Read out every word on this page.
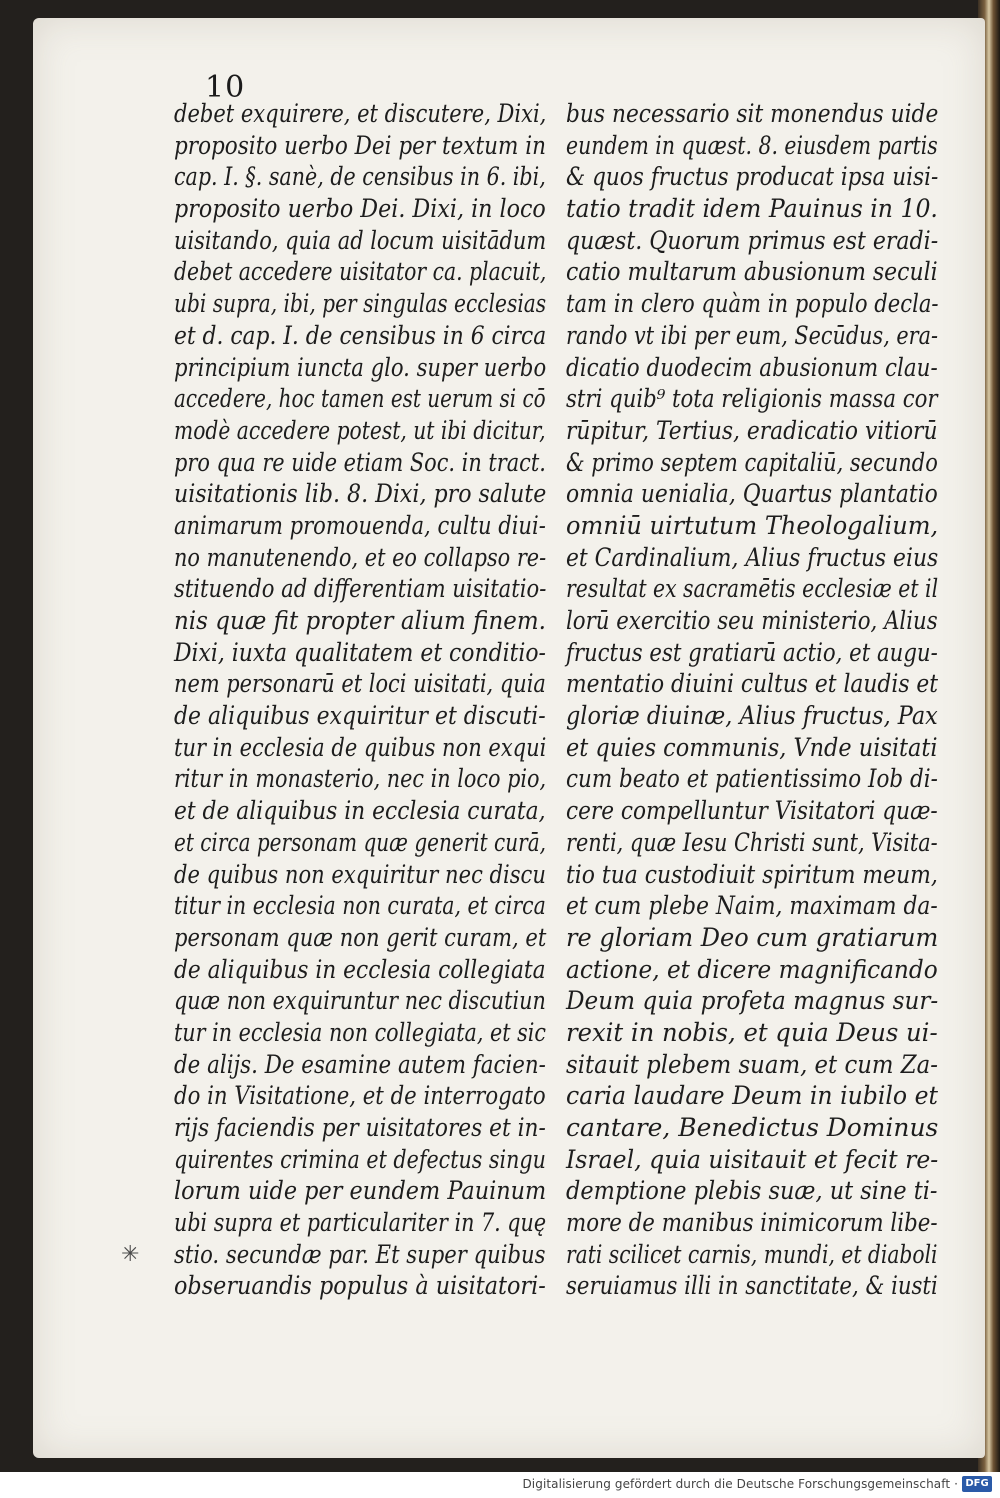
10
debet exquirere, et discutere, Dixi,
proposito uerbo Dei per textum in
cap. I. §. sanè, de censibus in 6. ibi,
proposito uerbo Dei. Dixi, in loco
uisitando, quia ad locum uisitādum
debet accedere uisitator ca. placuit,
ubi supra, ibi, per singulas ecclesias
et d. cap. I. de censibus in 6 circa
principium iuncta glo. super uerbo
accedere, hoc tamen est uerum si cō
modè accedere potest, ut ibi dicitur,
pro qua re uide etiam Soc. in tract.
uisitationis lib. 8. Dixi, pro salute
animarum promouenda, cultu diui-
no manutenendo, et eo collapso re-
stituendo ad differentiam uisitatio-
nis quæ fit propter alium finem.
Dixi, iuxta qualitatem et conditio-
nem personarū et loci uisitati, quia
de aliquibus exquiritur et discuti-
tur in ecclesia de quibus non exqui
ritur in monasterio, nec in loco pio,
et de aliquibus in ecclesia curata,
et circa personam quæ generit curā,
de quibus non exquiritur nec discu
titur in ecclesia non curata, et circa
personam quæ non gerit curam, et
de aliquibus in ecclesia collegiata
quæ non exquiruntur nec discutiun
tur in ecclesia non collegiata, et sic
de alijs. De esamine autem facien-
do in Visitatione, et de interrogato
rijs faciendis per uisitatores et in-
quirentes crimina et defectus singu
lorum uide per eundem Pauinum
ubi supra et particulariter in 7. quę
stio. secundæ par. Et super quibus
obseruandis populus à uisitatori-
bus necessario sit monendus uide
eundem in quæst. 8. eiusdem partis
& quos fructus producat ipsa uisi-
tatio tradit idem Pauinus in 10.
quæst. Quorum primus est eradi-
catio multarum abusionum seculi
tam in clero quàm in populo decla-
rando vt ibi per eum, Secūdus, era-
dicatio duodecim abusionum clau-
stri quib⁹ tota religionis massa cor
rūpitur, Tertius, eradicatio vitiorū
& primo septem capitaliū, secundo
omnia uenialia, Quartus plantatio
omniū uirtutum Theologalium,
et Cardinalium, Alius fructus eius
resultat ex sacramētis ecclesiæ et il
lorū exercitio seu ministerio, Alius
fructus est gratiarū actio, et augu-
mentatio diuini cultus et laudis et
gloriæ diuinæ, Alius fructus, Pax
et quies communis, Vnde uisitati
cum beato et patientissimo Iob di-
cere compelluntur Visitatori quæ-
renti, quæ Iesu Christi sunt, Visita-
tio tua custodiuit spiritum meum,
et cum plebe Naim, maximam da-
re gloriam Deo cum gratiarum
actione, et dicere magnificando
Deum quia profeta magnus sur-
rexit in nobis, et quia Deus ui-
sitauit plebem suam, et cum Za-
caria laudare Deum in iubilo et
cantare, Benedictus Dominus
Israel, quia uisitauit et fecit re-
demptione plebis suæ, ut sine ti-
more de manibus inimicorum libe-
rati scilicet carnis, mundi, et diaboli
seruiamus illi in sanctitate, & iusti
✳
Digitalisierung gefördert durch die Deutsche Forschungsgemeinschaft · DFG
